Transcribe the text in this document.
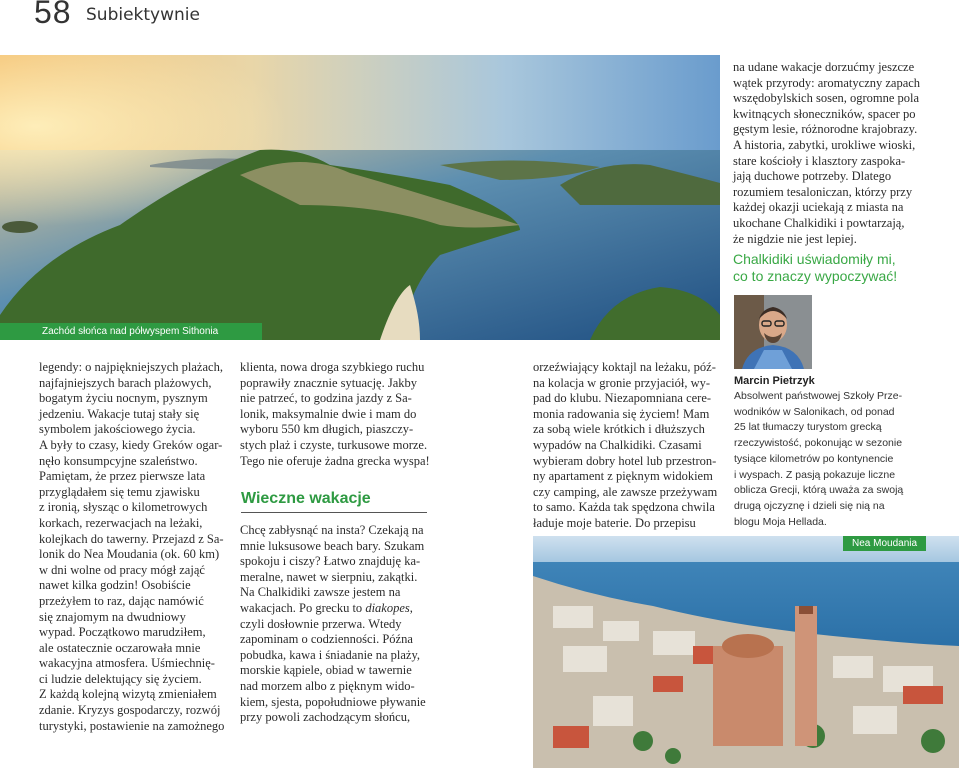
58 Subiektywnie
Zachód słońca nad półwyspem Sithonia

na udane wakacje dorzućmy jeszcze

wątek przyrody: aromatyczny zapach

wszędobylskich sosen, ogromne pola

kwitnących słoneczników, spacer po

gęstym lesie, różnorodne krajobrazy.

A historia, zabytki, urokliwe wioski,

stare kościoły i klasztory zaspoka-

jają duchowe potrzeby. Dlatego

rozumiem tesaloniczan, którzy przy

każdej okazji uciekają z miasta na

ukochane Chalkidiki i powtarzają,

że nigdzie nie jest lepiej.

Chalkidiki uświadomiły mi,
co to znaczy wypoczywać!
Marcin Pietrzyk
Absolwent państwowej Szkoły Prze-
wodników w Salonikach, od ponad
25 lat tłumaczy turystom grecką
rzeczywistość, pokonując w sezonie
tysiące kilometrów po kontynencie
i wyspach. Z pasją pokazuje liczne
oblicza Grecji, którą uważa za swoją
drugą ojczyznę i dzieli się nią na
blogu Moja Hellada.

legendy: o najpiękniejszych plażach,

najfajniejszych barach plażowych,

bogatym życiu nocnym, pysznym

jedzeniu. Wakacje tutaj stały się

symbolem jakościowego życia.

A były to czasy, kiedy Greków ogar-

nęło konsumpcyjne szaleństwo.

Pamiętam, że przez pierwsze lata

przyglądałem się temu zjawisku

z ironią, słysząc o kilometrowych

korkach, rezerwacjach na leżaki,

kolejkach do tawerny. Przejazd z Sa-

lonik do Nea Moudania (ok. 60 km)

w dni wolne od pracy mógł zająć

nawet kilka godzin! Osobiście

przeżyłem to raz, dając namówić

się znajomym na dwudniowy

wypad. Początkowo marudziłem,

ale ostatecznie oczarowała mnie

wakacyjna atmosfera. Uśmiechnię-

ci ludzie delektujący się życiem.

Z każdą kolejną wizytą zmieniałem

zdanie. Kryzys gospodarczy, rozwój

turystyki, postawienie na zamożnego

klienta, nowa droga szybkiego ruchu

poprawiły znacznie sytuację. Jakby

nie patrzeć, to godzina jazdy z Sa-

lonik, maksymalnie dwie i mam do

wyboru 550 km długich, piaszczy-

stych plaż i czyste, turkusowe morze.

Tego nie oferuje żadna grecka wyspa!

Wieczne wakacje

Chcę zabłysnąć na insta? Czekają na

mnie luksusowe beach bary. Szukam

spokoju i ciszy? Łatwo znajduję ka-

meralne, nawet w sierpniu, zakątki.

Na Chalkidiki zawsze jestem na

wakacjach. Po grecku to diakopes,

czyli dosłownie przerwa. Wtedy

zapominam o codzienności. Późna

pobudka, kawa i śniadanie na plaży,

morskie kąpiele, obiad w tawernie

nad morzem albo z pięknym wido-

kiem, sjesta, popołudniowe pływanie

przy powoli zachodzącym słońcu,

orzeźwiający koktajl na leżaku, póź-

na kolacja w gronie przyjaciół, wy-

pad do klubu. Niezapomniana cere-

monia radowania się życiem! Mam

za sobą wiele krótkich i dłuższych

wypadów na Chalkidiki. Czasami

wybieram dobry hotel lub przestron-

ny apartament z pięknym widokiem

czy camping, ale zawsze przeżywam

to samo. Każda tak spędzona chwila

ładuje moje baterie. Do przepisu

Nea Moudania
